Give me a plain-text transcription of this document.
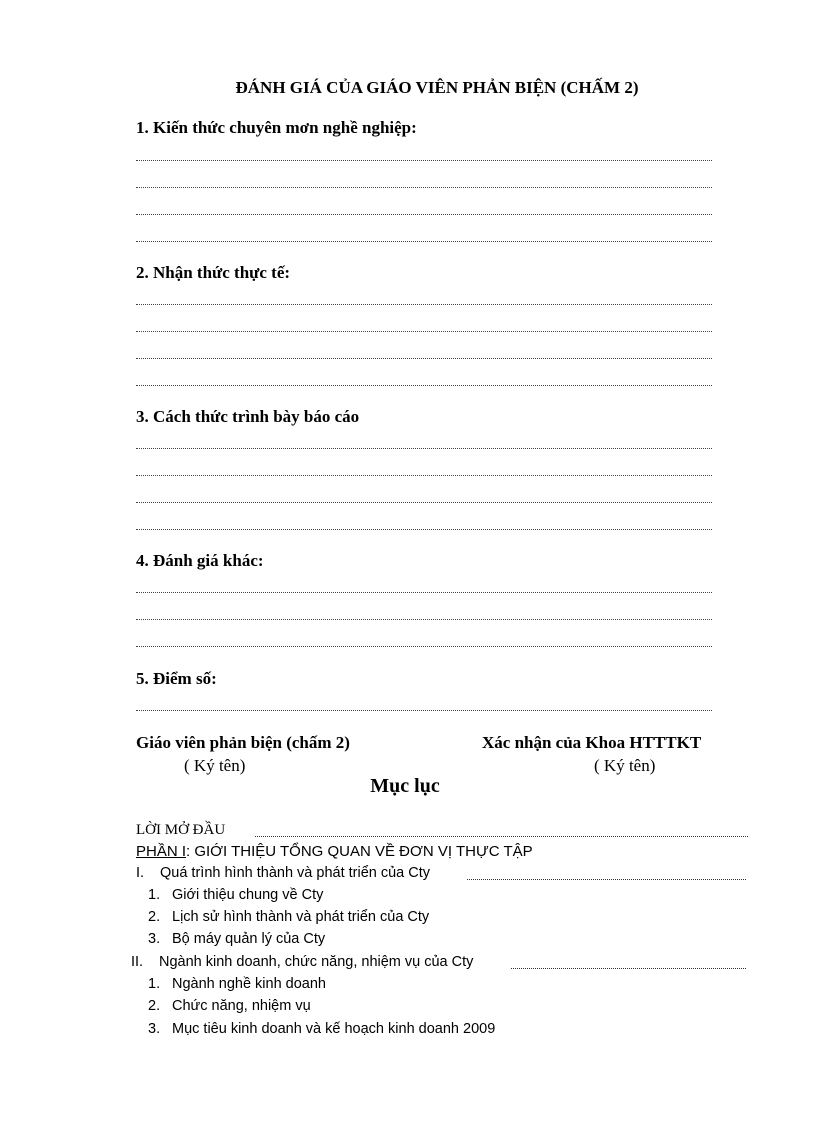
ĐÁNH GIÁ CỦA GIÁO VIÊN PHẢN BIỆN (CHẤM 2)
1. Kiến thức chuyên mơn nghề nghiệp:
2. Nhận thức thực tế:
3. Cách thức trình bày báo cáo
4. Đánh giá khác:
5. Điểm số:
Giáo viên phản biện (chấm 2)
( Ký tên)
Xác nhận của Khoa HTTTKT
( Ký tên)
Mục lục
LỜI MỞ ĐẦU
PHẦN I: GIỚI THIỆU TỔNG QUAN VỀ ĐƠN VỊ THỰC TẬP
I. Quá trình hình thành và phát triển của Cty
1. Giới thiệu chung về Cty
2. Lịch sử hình thành và phát triển của Cty
3. Bộ máy quản lý của Cty
II. Ngành kinh doanh, chức năng, nhiệm vụ của Cty
1. Ngành nghề kinh doanh
2. Chức năng, nhiệm vụ
3. Mục tiêu kinh doanh và kế hoạch kinh doanh 2009
